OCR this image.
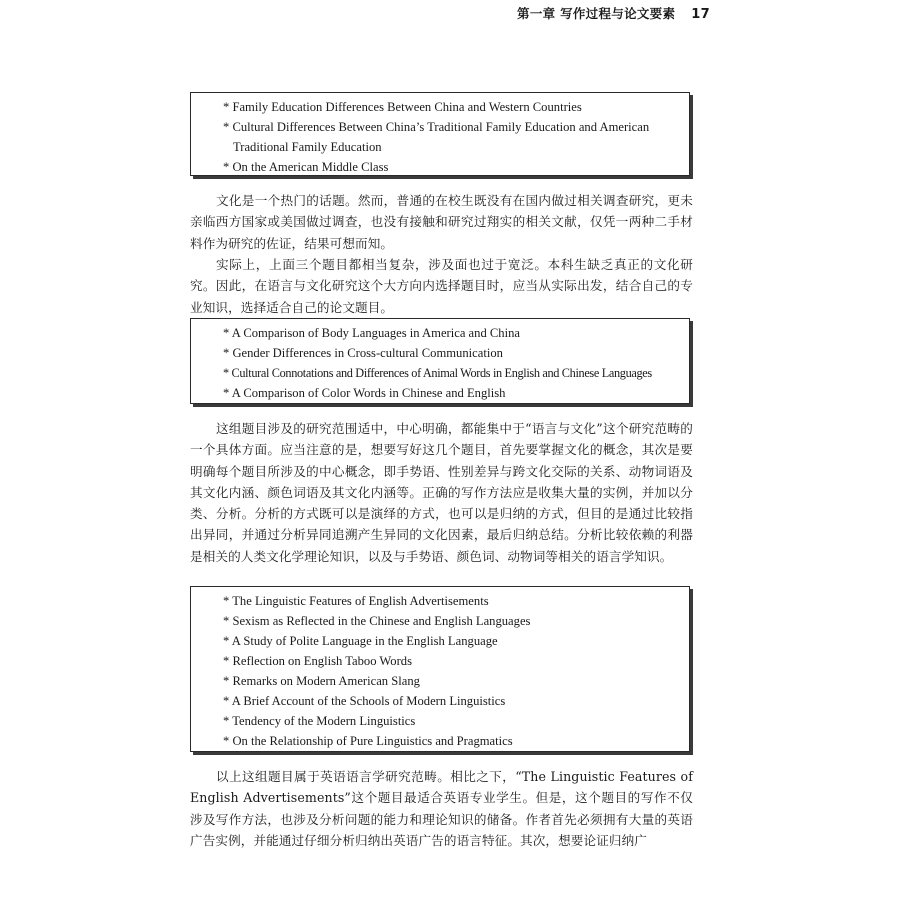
第一章 写作过程与论文要素 17
* Family Education Differences Between China and Western Countries
* Cultural Differences Between China’s Traditional Family Education and American Traditional Family Education
* On the American Middle Class

文化是一个热门的话题。然而，普通的在校生既没有在国内做过相关调查研究，更未亲临西方国家或美国做过调查，也没有接触和研究过翔实的相关文献，仅凭一两种二手材料作为研究的佐证，结果可想而知。

实际上，上面三个题目都相当复杂，涉及面也过于宽泛。本科生缺乏真正的文化研究。因此，在语言与文化研究这个大方向内选择题目时，应当从实际出发，结合自己的专业知识，选择适合自己的论文题目。

* A Comparison of Body Languages in America and China
* Gender Differences in Cross-cultural Communication
* Cultural Connotations and Differences of Animal Words in English and Chinese Languages
* A Comparison of Color Words in Chinese and English

这组题目涉及的研究范围适中，中心明确，都能集中于“语言与文化”这个研究范畴的一个具体方面。应当注意的是，想要写好这几个题目，首先要掌握文化的概念，其次是要明确每个题目所涉及的中心概念，即手势语、性别差异与跨文化交际的关系、动物词语及其文化内涵、颜色词语及其文化内涵等。正确的写作方法应是收集大量的实例，并加以分类、分析。分析的方式既可以是演绎的方式，也可以是归纳的方式，但目的是通过比较指出异同，并通过分析异同追溯产生异同的文化因素，最后归纳总结。分析比较依赖的利器是相关的人类文化学理论知识，以及与手势语、颜色词、动物词等相关的语言学知识。

* The Linguistic Features of English Advertisements
* Sexism as Reflected in the Chinese and English Languages
* A Study of Polite Language in the English Language
* Reflection on English Taboo Words
* Remarks on Modern American Slang
* A Brief Account of the Schools of Modern Linguistics
* Tendency of the Modern Linguistics
* On the Relationship of Pure Linguistics and Pragmatics

以上这组题目属于英语语言学研究范畴。相比之下，“The Linguistic Features of English Advertisements”这个题目最适合英语专业学生。但是，这个题目的写作不仅涉及写作方法，也涉及分析问题的能力和理论知识的储备。作者首先必须拥有大量的英语广告实例，并能通过仔细分析归纳出英语广告的语言特征。其次，想要论证归纳广
